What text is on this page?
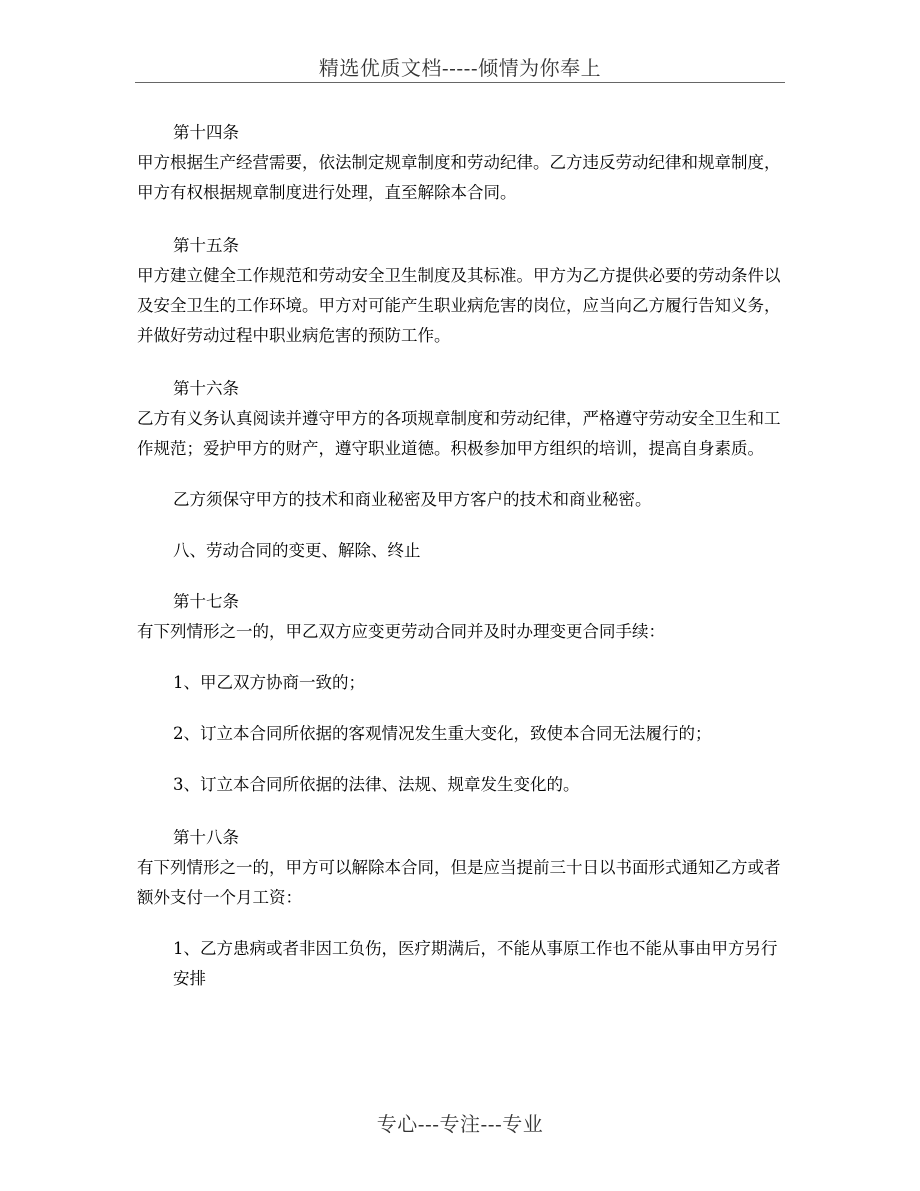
精选优质文档-----倾情为你奉上

第十四条

甲方根据生产经营需要，依法制定规章制度和劳动纪律。乙方违反劳动纪律和规章制度，甲方有权根据规章制度进行处理，直至解除本合同。

第十五条

甲方建立健全工作规范和劳动安全卫生制度及其标准。甲方为乙方提供必要的劳动条件以及安全卫生的工作环境。甲方对可能产生职业病危害的岗位，应当向乙方履行告知义务，并做好劳动过程中职业病危害的预防工作。

第十六条

乙方有义务认真阅读并遵守甲方的各项规章制度和劳动纪律，严格遵守劳动安全卫生和工作规范；爱护甲方的财产，遵守职业道德。积极参加甲方组织的培训，提高自身素质。

乙方须保守甲方的技术和商业秘密及甲方客户的技术和商业秘密。

八、劳动合同的变更、解除、终止

第十七条

有下列情形之一的，甲乙双方应变更劳动合同并及时办理变更合同手续：

1、甲乙双方协商一致的；

2、订立本合同所依据的客观情况发生重大变化，致使本合同无法履行的；

3、订立本合同所依据的法律、法规、规章发生变化的。

第十八条

有下列情形之一的，甲方可以解除本合同，但是应当提前三十日以书面形式通知乙方或者额外支付一个月工资：

1、乙方患病或者非因工负伤，医疗期满后，不能从事原工作也不能从事由甲方另行安排

专心---专注---专业
